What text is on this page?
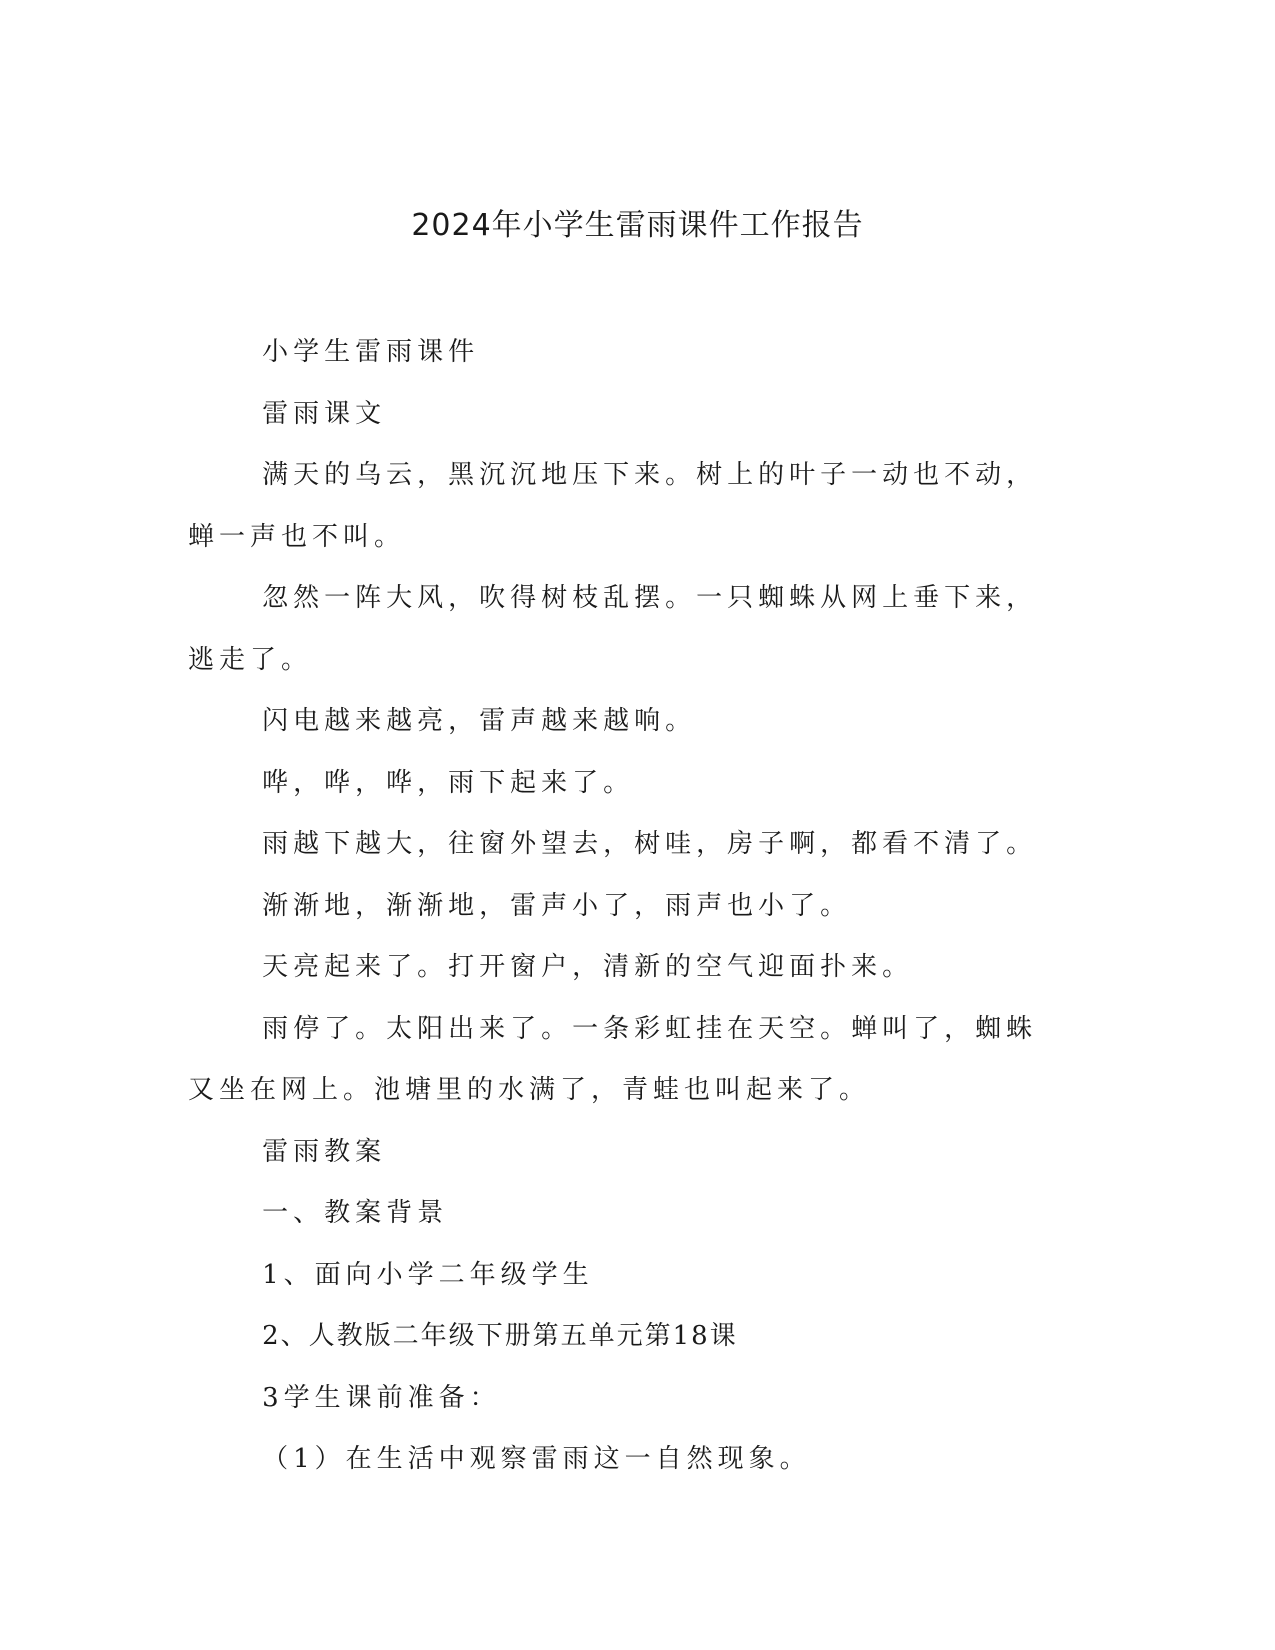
2024年小学生雷雨课件工作报告

小学生雷雨课件

雷雨课文

满天的乌云，黑沉沉地压下来。树上的叶子一动也不动，蝉一声也不叫。

忽然一阵大风，吹得树枝乱摆。一只蜘蛛从网上垂下来，逃走了。

闪电越来越亮，雷声越来越响。

哗，哗，哗，雨下起来了。

雨越下越大，往窗外望去，树哇，房子啊，都看不清了。

渐渐地，渐渐地，雷声小了，雨声也小了。

天亮起来了。打开窗户，清新的空气迎面扑来。

雨停了。太阳出来了。一条彩虹挂在天空。蝉叫了，蜘蛛又坐在网上。池塘里的水满了，青蛙也叫起来了。

雷雨教案

一、教案背景

1、面向小学二年级学生

2、人教版二年级下册第五单元第18课

3学生课前准备：

（1）在生活中观察雷雨这一自然现象。
